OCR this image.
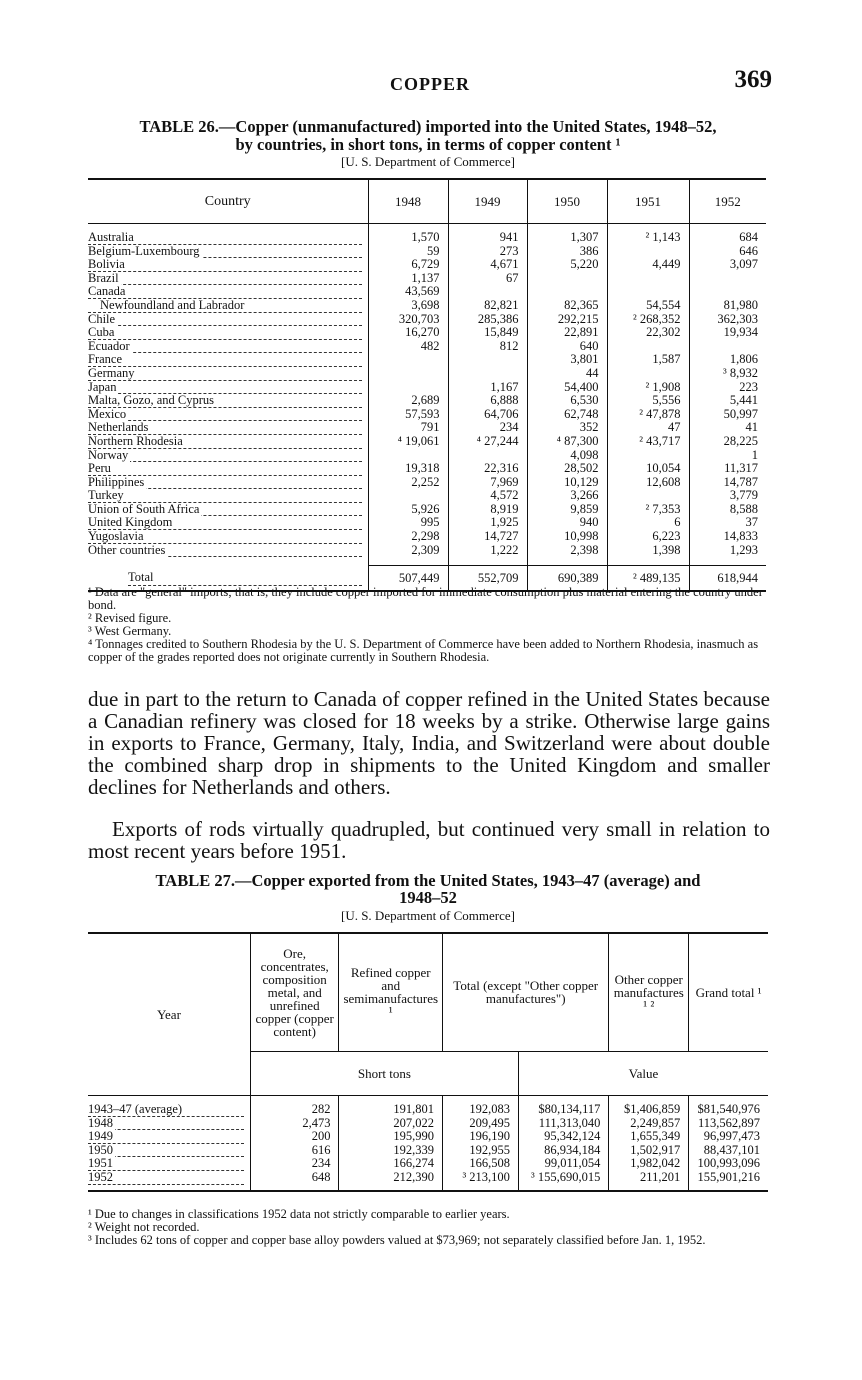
COPPER	369
TABLE 26.—Copper (unmanufactured) imported into the United States, 1948–52,
by countries, in short tons, in terms of copper content ¹
[U. S. Department of Commerce]
Country	1948	1949	1950	1951	1952

Australia	1,570	941	1,307	² 1,143	684

Belgium-Luxembourg	59	273	386		646

Bolivia	6,729	4,671	5,220	4,449	3,097

Brazil	1,137	67			

Canada	43,569				

Newfoundland and Labrador	3,698	82,821	82,365	54,554	81,980

Chile	320,703	285,386	292,215	² 268,352	362,303

Cuba	16,270	15,849	22,891	22,302	19,934

Ecuador	482	812	640		

France			3,801	1,587	1,806

Germany			44		³ 8,932

Japan		1,167	54,400	² 1,908	223

Malta, Gozo, and Cyprus	2,689	6,888	6,530	5,556	5,441

Mexico	57,593	64,706	62,748	² 47,878	50,997

Netherlands	791	234	352	47	41

Northern Rhodesia	⁴ 19,061	⁴ 27,244	⁴ 87,300	² 43,717	28,225

Norway			4,098		1

Peru	19,318	22,316	28,502	10,054	11,317

Philippines	2,252	7,969	10,129	12,608	14,787

Turkey		4,572	3,266		3,779

Union of South Africa	5,926	8,919	9,859	² 7,353	8,588

United Kingdom	995	1,925	940	6	37

Yugoslavia	2,298	14,727	10,998	6,223	14,833

Other countries	2,309	1,222	2,398	1,398	1,293

Total	507,449	552,709	690,389	² 489,135	618,944
¹ Data are "general" imports; that is, they include copper imported for immediate consumption plus material entering the country under bond.
² Revised figure.
³ West Germany.
⁴ Tonnages credited to Southern Rhodesia by the U. S. Department of Commerce have been added to Northern Rhodesia, inasmuch as copper of the grades reported does not originate currently in Southern Rhodesia.
due in part to the return to Canada of copper refined in the United States because a Canadian refinery was closed for 18 weeks by a strike. Otherwise large gains in exports to France, Germany, Italy, India, and Switzerland were about double the combined sharp drop in shipments to the United Kingdom and smaller declines for Netherlands and others.
Exports of rods virtually quadrupled, but continued very small in relation to most recent years before 1951.
TABLE 27.—Copper exported from the United States, 1943–47 (average) and
1948–52
[U. S. Department of Commerce]
Year	Ore, concentrates, composition metal, and unrefined copper (copper content)	Refined copper and semimanufactures ¹	Total (except "Other copper manufactures")		Other copper manufactures ¹ ²	Grand total ¹
	Short tons			Value		

1943–47 (average)	282	191,801	192,083	$80,134,117	$1,406,859	$81,540,976

1948	2,473	207,022	209,495	111,313,040	2,249,857	113,562,897

1949	200	195,990	196,190	95,342,124	1,655,349	96,997,473

1950	616	192,339	192,955	86,934,184	1,502,917	88,437,101

1951	234	166,274	166,508	99,011,054	1,982,042	100,993,096

1952	648	212,390	³ 213,100	³ 155,690,015	211,201	155,901,216

¹ Due to changes in classifications 1952 data not strictly comparable to earlier years.
² Weight not recorded.
³ Includes 62 tons of copper and copper base alloy powders valued at $73,969; not separately classified before Jan. 1, 1952.
